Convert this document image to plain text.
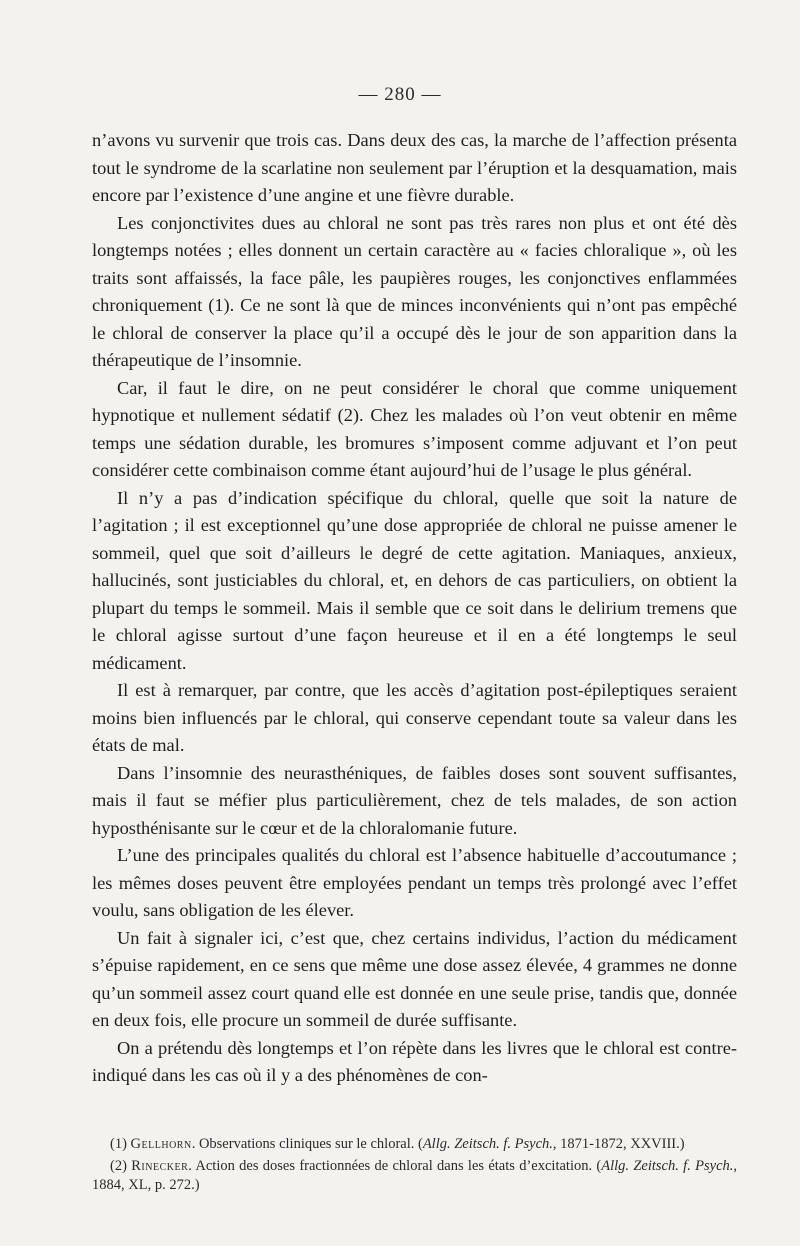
— 280 —

n’avons vu survenir que trois cas. Dans deux des cas, la marche de l’affection présenta tout le syndrome de la scarlatine non seulement par l’éruption et la desquamation, mais encore par l’existence d’une angine et une fièvre durable.

Les conjonctivites dues au chloral ne sont pas très rares non plus et ont été dès longtemps notées ; elles donnent un certain caractère au « facies chloralique », où les traits sont affaissés, la face pâle, les paupières rouges, les conjonctives enflammées chroniquement (1). Ce ne sont là que de minces inconvénients qui n’ont pas empêché le chloral de conserver la place qu’il a occupé dès le jour de son apparition dans la thérapeutique de l’insomnie.

Car, il faut le dire, on ne peut considérer le choral que comme uniquement hypnotique et nullement sédatif (2). Chez les malades où l’on veut obtenir en même temps une sédation durable, les bromures s’imposent comme adjuvant et l’on peut considérer cette combinaison comme étant aujourd’hui de l’usage le plus général.

Il n’y a pas d’indication spécifique du chloral, quelle que soit la nature de l’agitation ; il est exceptionnel qu’une dose appropriée de chloral ne puisse amener le sommeil, quel que soit d’ailleurs le degré de cette agitation. Maniaques, anxieux, hallucinés, sont justiciables du chloral, et, en dehors de cas particuliers, on obtient la plupart du temps le sommeil. Mais il semble que ce soit dans le delirium tremens que le chloral agisse surtout d’une façon heureuse et il en a été longtemps le seul médicament.

Il est à remarquer, par contre, que les accès d’agitation post-épileptiques seraient moins bien influencés par le chloral, qui conserve cependant toute sa valeur dans les états de mal.

Dans l’insomnie des neurasthéniques, de faibles doses sont souvent suffisantes, mais il faut se méfier plus particulièrement, chez de tels malades, de son action hyposthénisante sur le cœur et de la chloralomanie future.

L’une des principales qualités du chloral est l’absence habituelle d’accoutumance ; les mêmes doses peuvent être employées pendant un temps très prolongé avec l’effet voulu, sans obligation de les élever.

Un fait à signaler ici, c’est que, chez certains individus, l’action du médicament s’épuise rapidement, en ce sens que même une dose assez élevée, 4 grammes ne donne qu’un sommeil assez court quand elle est donnée en une seule prise, tandis que, donnée en deux fois, elle procure un sommeil de durée suffisante.

On a prétendu dès longtemps et l’on répète dans les livres que le chloral est contre-indiqué dans les cas où il y a des phénomènes de con-

(1) Gellhorn. Observations cliniques sur le chloral. (Allg. Zeitsch. f. Psych., 1871-1872, XXVIII.)

(2) Rinecker. Action des doses fractionnées de chloral dans les états d’excitation. (Allg. Zeitsch. f. Psych., 1884, XL, p. 272.)
